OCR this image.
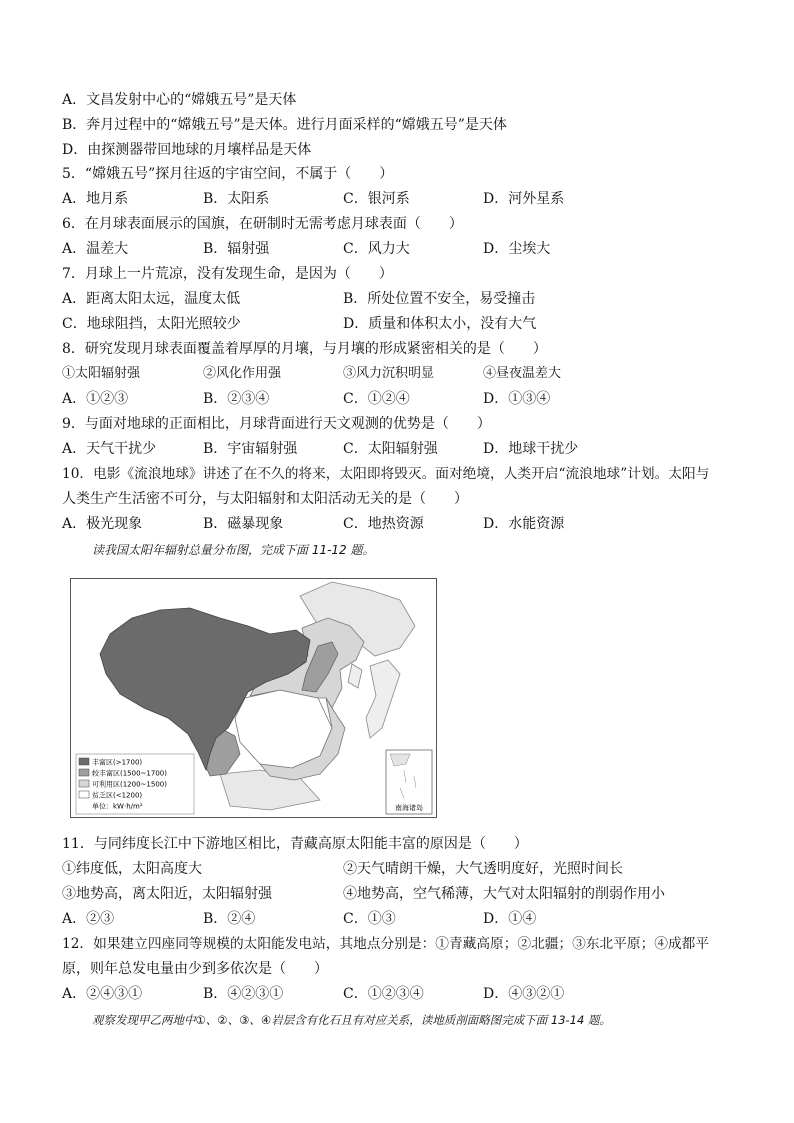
A．文昌发射中心的“嫦娥五号”是天体
B．奔月过程中的“嫦娥五号”是天体。进行月面采样的“嫦娥五号”是天体
D．由探测器带回地球的月壤样品是天体
5．“嫦娥五号”探月往返的宇宙空间，不属于（　　）
A．地月系	B．太阳系	C．银河系	D．河外星系
6．在月球表面展示的国旗，在研制时无需考虑月球表面（　　）
A．温差大	B．辐射强	C．风力大	D．尘埃大
7．月球上一片荒凉，没有发现生命，是因为（　　）
A．距离太阳太远，温度太低	B．所处位置不安全，易受撞击
C．地球阻挡，太阳光照较少	D．质量和体积太小，没有大气
8．研究发现月球表面覆盖着厚厚的月壤，与月壤的形成紧密相关的是（　　）
①太阳辐射强	②风化作用强	③风力沉积明显	④昼夜温差大
A．①②③	B．②③④	C．①②④	D．①③④
9．与面对地球的正面相比，月球背面进行天文观测的优势是（　　）
A．天气干扰少	B．宇宙辐射强	C．太阳辐射强	D．地球干扰少
10．电影《流浪地球》讲述了在不久的将来，太阳即将毁灭。面对绝境，人类开启“流浪地球”计划。太阳与
人类生产生活密不可分，与太阳辐射和太阳活动无关的是（　　）
A．极光现象	B．磁暴现象	C．地热资源	D．水能资源
读我国太阳年辐射总量分布图，完成下面 11-12 题。
丰富区(>1700)
较丰富区(1500~1700)
可利用区(1200~1500)
贫乏区(<1200)
单位：kW·h/m²	南海诸岛
11．与同纬度长江中下游地区相比，青藏高原太阳能丰富的原因是（　　）
①纬度低，太阳高度大	②天气晴朗干燥，大气透明度好，光照时间长
③地势高，离太阳近，太阳辐射强	④地势高，空气稀薄，大气对太阳辐射的削弱作用小
A．②③	B．②④	C．①③	D．①④
12．如果建立四座同等规模的太阳能发电站，其地点分别是：①青藏高原；②北疆；③东北平原；④成都平
原，则年总发电量由少到多依次是（　　）
A．②④③①	B．④②③①	C．①②③④	D．④③②①
观察发现甲乙两地中①、②、③、④岩层含有化石且有对应关系，读地质剖面略图完成下面 13-14 题。
